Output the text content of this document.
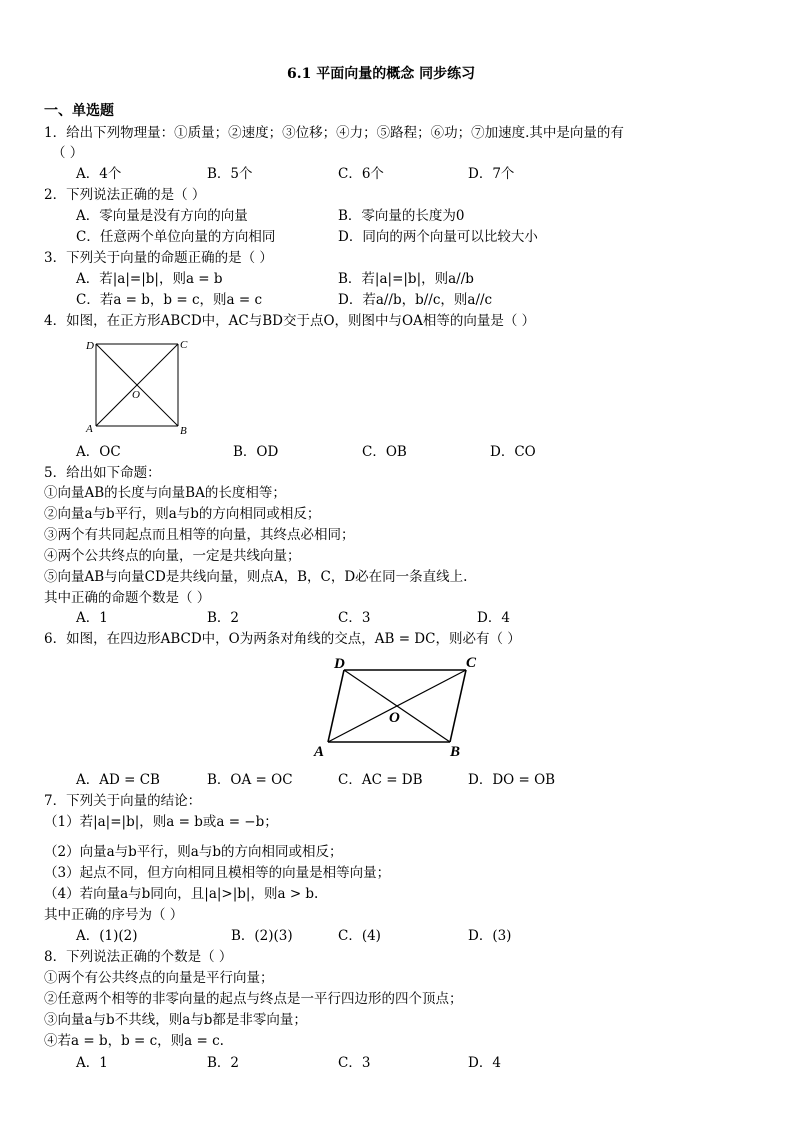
6.1 平面向量的概念 同步练习
一、单选题
1．给出下列物理量：①质量；②速度；③位移；④力；⑤路程；⑥功；⑦加速度.其中是向量的有
（ ）
A．4个	B．5个	C．6个	D．7个
2．下列说法正确的是（ ）
A．零向量是没有方向的向量	B．零向量的长度为0
C．任意两个单位向量的方向相同	D．同向的两个向量可以比较大小
3．下列关于向量的命题正确的是（ ）
A．若|a|=|b|，则a = b	B．若|a|=|b|，则a//b
C．若a = b，b = c，则a = c	D．若a//b，b//c，则a//c
4．如图，在正方形ABCD中，AC与BD交于点O，则图中与OA相等的向量是（ ）
D	C
O
A	B
A．OC	B．OD	C．OB	D．CO
5．给出如下命题：
①向量AB的长度与向量BA的长度相等；
②向量a与b平行，则a与b的方向相同或相反；
③两个有共同起点而且相等的向量，其终点必相同；
④两个公共终点的向量，一定是共线向量；
⑤向量AB与向量CD是共线向量，则点A，B，C，D必在同一条直线上.
其中正确的命题个数是（ ）
A．1	B．2	C．3	D．4
6．如图，在四边形ABCD中，O为两条对角线的交点，AB = DC，则必有（ ）
D	C
O
A	B
A．AD = CB	B．OA = OC	C．AC = DB	D．DO = OB
7．下列关于向量的结论：
（1）若|a|=|b|，则a = b或a = −b；
（2）向量a与b平行，则a与b的方向相同或相反；
（3）起点不同，但方向相同且模相等的向量是相等向量；
（4）若向量a与b同向，且|a|>|b|，则a > b.
其中正确的序号为（ ）
A．(1)(2)	B．(2)(3)	C．(4)	D．(3)
8．下列说法正确的个数是（ ）
①两个有公共终点的向量是平行向量；
②任意两个相等的非零向量的起点与终点是一平行四边形的四个顶点；
③向量a与b不共线，则a与b都是非零向量；
④若a = b，b = c，则a = c.
A．1	B．2	C．3	D．4
